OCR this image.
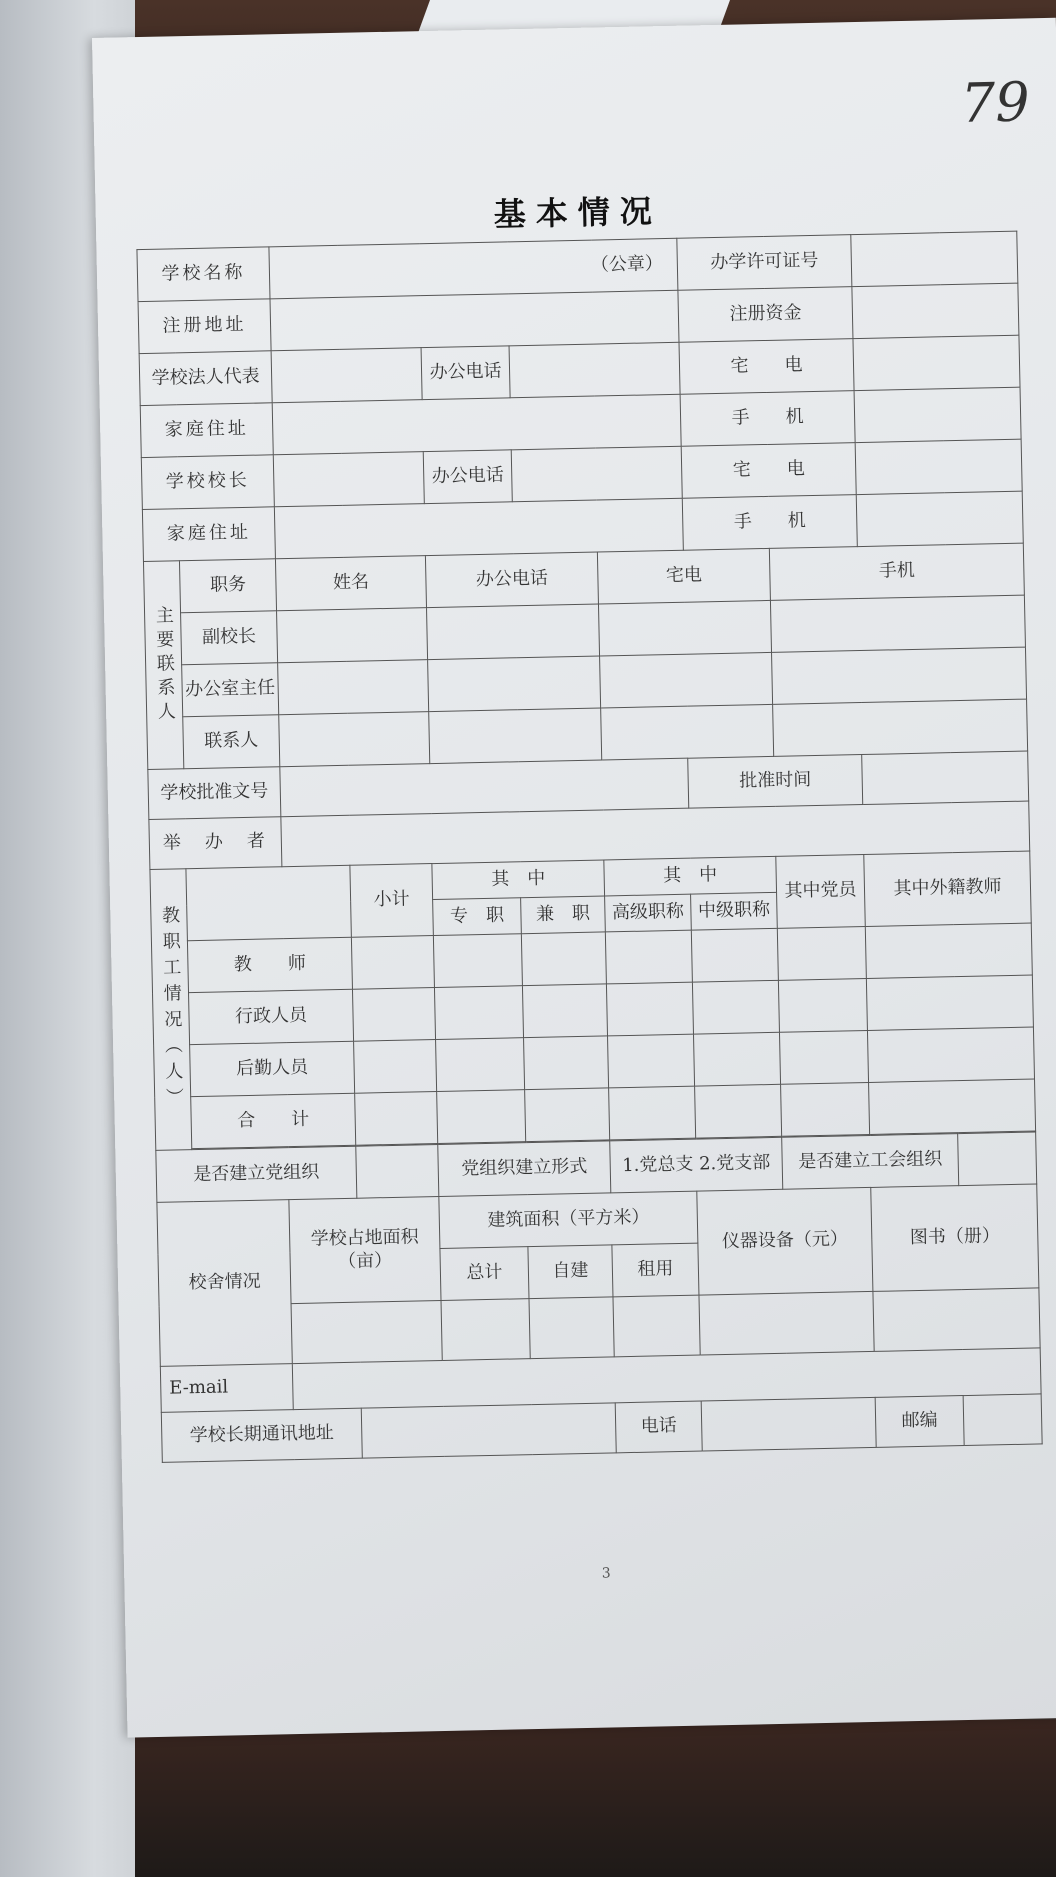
79
基本情况
学校名称		（公章）					办学许可证号			
注册地址							注册资金			
学校法人代表				办公电话			宅　　电			
家庭住址							手　　机			
学校校长				办公电话			宅　　电			
家庭住址							手　　机			
主要联系人	职务	姓名		办公电话		宅电		手机		
	副校长									
	办公室主任									
	联系人									
学校批准文号							批准时间			
举　办　者										
教职工情况（人）			小计	其　中		其　中		其中党员	其中外籍教师	
				专　职	兼　职	高级职称	中级职称			
	教　　师									
	行政人员									
	后勤人员									
	合　　计									

是否建立党组织				党组织建立形式		1.党总支 2.党支部		是否建立工会组织		
校舍情况		学校占地面积（亩）		建筑面积（平方米）			仪器设备（元）		图书（册）	
				总计	自建	租用				

E-mail										
学校长期通讯地址						电话			邮编	
3
